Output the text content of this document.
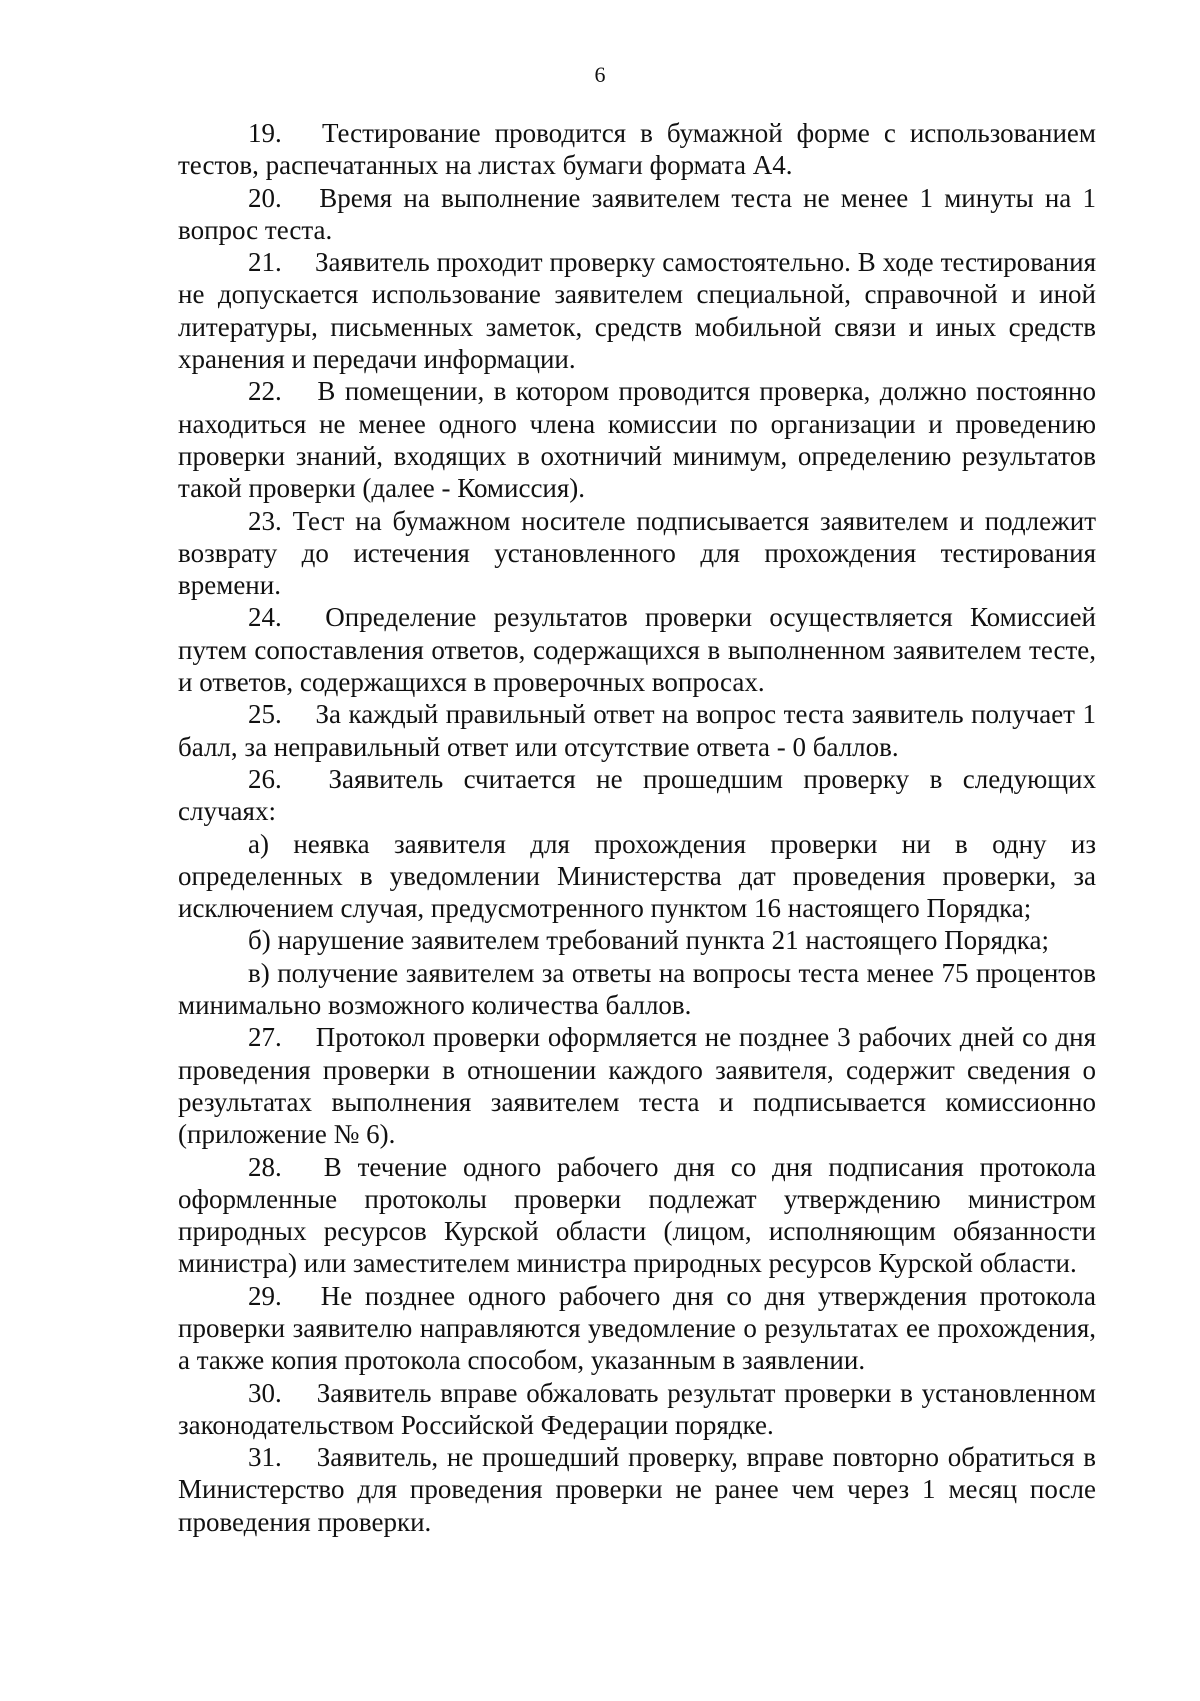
6

19. Тестирование проводится в бумажной форме с использованием тестов, распечатанных на листах бумаги формата А4.

20. Время на выполнение заявителем теста не менее 1 минуты на 1 вопрос теста.

21. Заявитель проходит проверку самостоятельно. В ходе тестирования не допускается использование заявителем специальной, справочной и иной литературы, письменных заметок, средств мобильной связи и иных средств хранения и передачи информации.

22. В помещении, в котором проводится проверка, должно постоянно находиться не менее одного члена комиссии по организации и проведению проверки знаний, входящих в охотничий минимум, определению результатов такой проверки (далее - Комиссия).

23. Тест на бумажном носителе подписывается заявителем и подлежит возврату до истечения установленного для прохождения тестирования времени.

24. Определение результатов проверки осуществляется Комиссией путем сопоставления ответов, содержащихся в выполненном заявителем тесте, и ответов, содержащихся в проверочных вопросах.

25. За каждый правильный ответ на вопрос теста заявитель получает 1 балл, за неправильный ответ или отсутствие ответа - 0 баллов.

26. Заявитель считается не прошедшим проверку в следующих случаях:

а) неявка заявителя для прохождения проверки ни в одну из определенных в уведомлении Министерства дат проведения проверки, за исключением случая, предусмотренного пунктом 16 настоящего Порядка;

б) нарушение заявителем требований пункта 21 настоящего Порядка;

в) получение заявителем за ответы на вопросы теста менее 75 процентов минимально возможного количества баллов.

27. Протокол проверки оформляется не позднее 3 рабочих дней со дня проведения проверки в отношении каждого заявителя, содержит сведения о результатах выполнения заявителем теста и подписывается комиссионно (приложение № 6).

28. В течение одного рабочего дня со дня подписания протокола оформленные протоколы проверки подлежат утверждению министром природных ресурсов Курской области (лицом, исполняющим обязанности министра) или заместителем министра природных ресурсов Курской области.

29. Не позднее одного рабочего дня со дня утверждения протокола проверки заявителю направляются уведомление о результатах ее прохождения, а также копия протокола способом, указанным в заявлении.

30. Заявитель вправе обжаловать результат проверки в установленном законодательством Российской Федерации порядке.

31. Заявитель, не прошедший проверку, вправе повторно обратиться в Министерство для проведения проверки не ранее чем через 1 месяц после проведения проверки.
